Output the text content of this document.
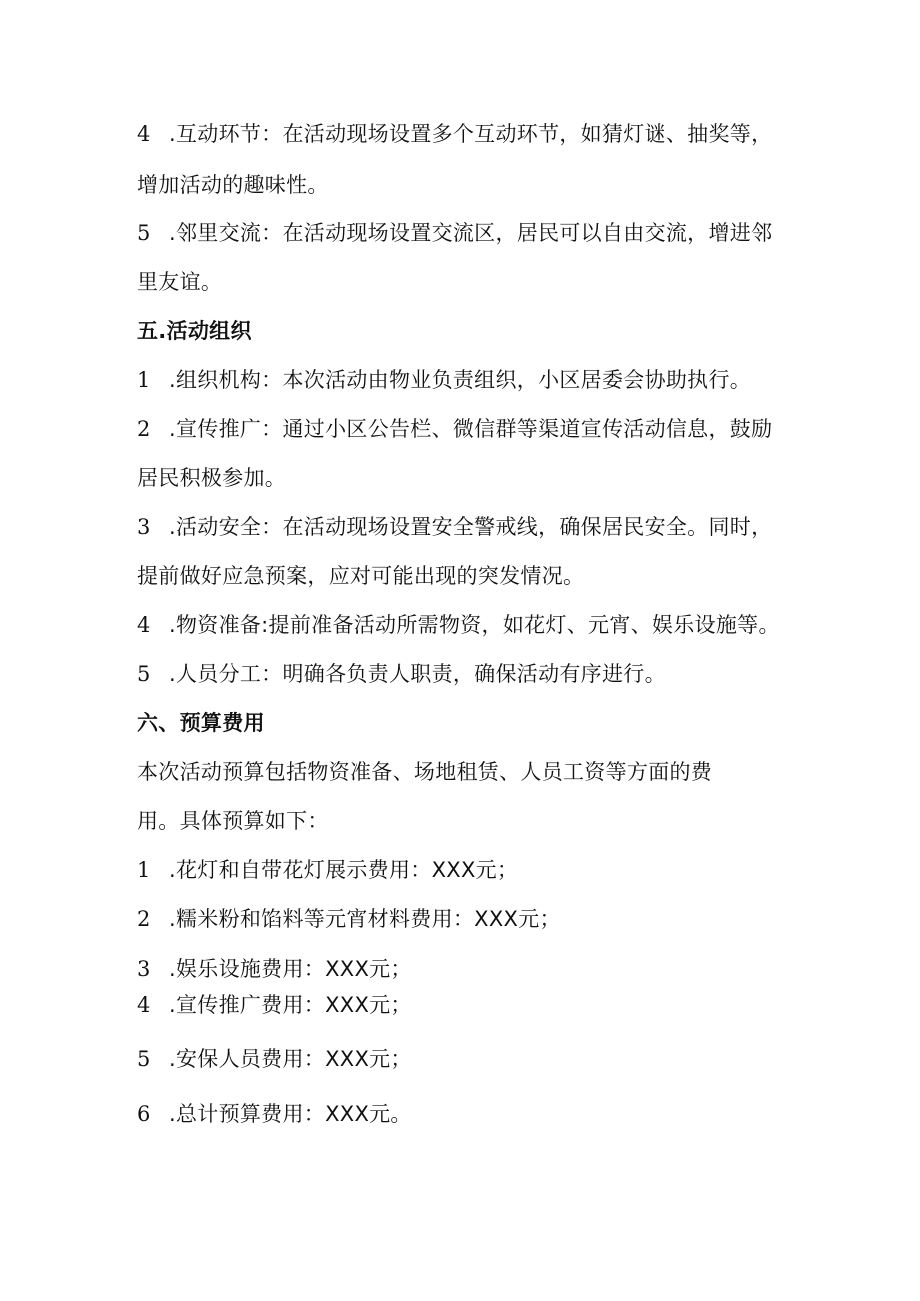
4 .互动环节：在活动现场设置多个互动环节，如猜灯谜、抽奖等，

增加活动的趣味性。

5 .邻里交流：在活动现场设置交流区，居民可以自由交流，增进邻

里友谊。

五.活动组织

1 .组织机构：本次活动由物业负责组织，小区居委会协助执行。

2 .宣传推广：通过小区公告栏、微信群等渠道宣传活动信息，鼓励

居民积极参加。

3 .活动安全：在活动现场设置安全警戒线，确保居民安全。同时，

提前做好应急预案，应对可能出现的突发情况。

4 .物资准备:提前准备活动所需物资，如花灯、元宵、娱乐设施等。

5 .人员分工：明确各负责人职责，确保活动有序进行。

六、预算费用

本次活动预算包括物资准备、场地租赁、人员工资等方面的费

用。具体预算如下：

1 .花灯和自带花灯展示费用：XXX元；

2 .糯米粉和馅料等元宵材料费用：XXX元；

3 .娱乐设施费用：XXX元；

4 .宣传推广费用：XXX元；

5 .安保人员费用：XXX元；

6 .总计预算费用：XXX元。
